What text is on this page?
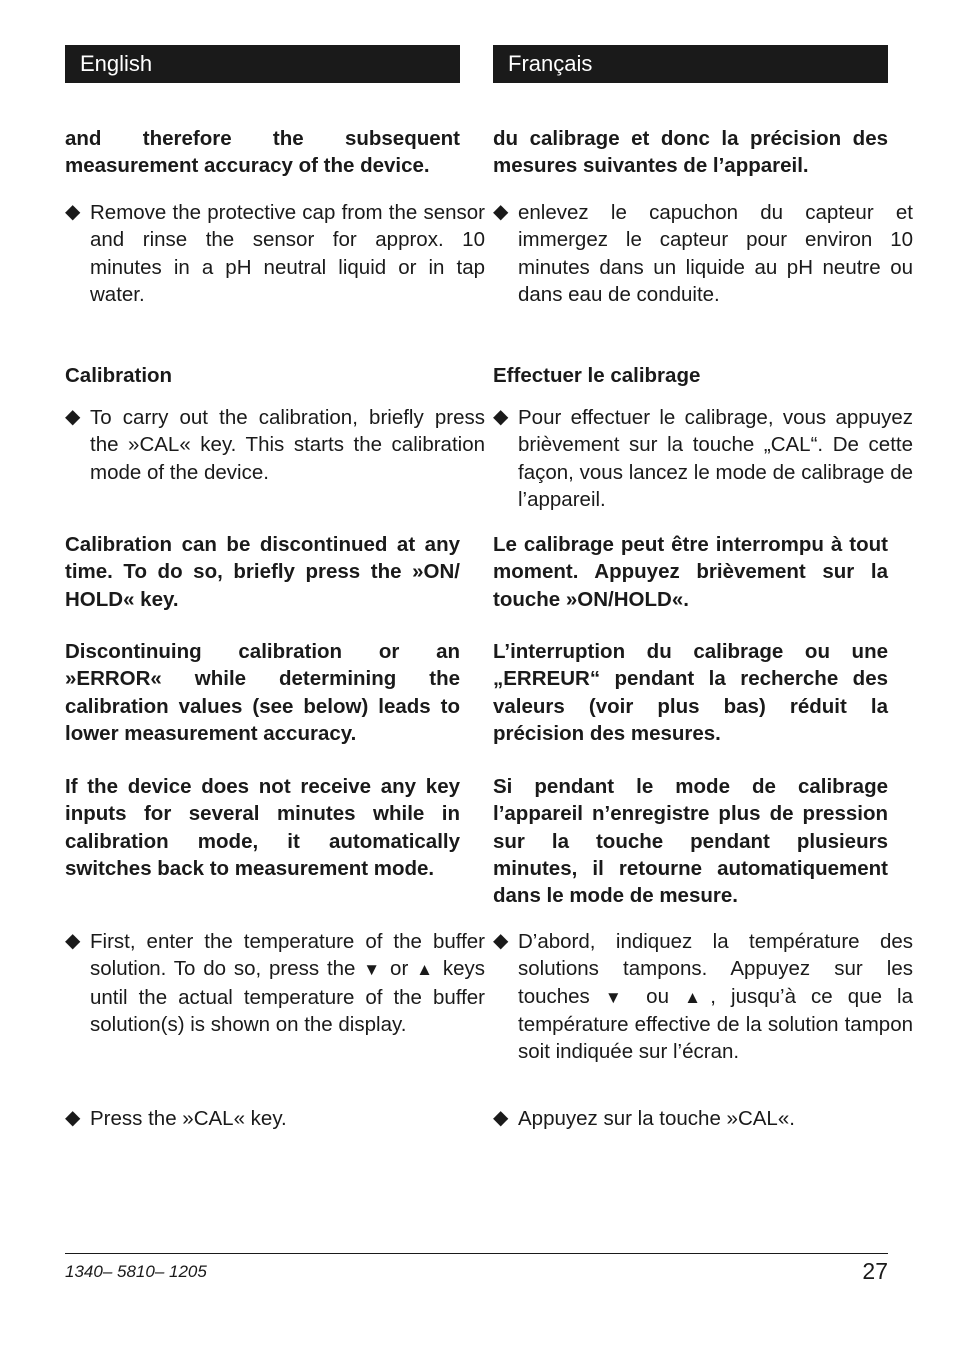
English

and therefore the subsequent measurement accuracy of the device.

◆ Remove the protective cap from the sensor and rinse the sensor for approx. 10 minutes in a pH neutral liquid or in tap water.

Calibration

◆ To carry out the calibration, briefly press the »CAL« key. This starts the calibration mode of the device.

Calibration can be discontinued at any time. To do so, briefly press the »ON/ HOLD« key.

Discontinuing calibration or an »ERROR« while determining the calibration values (see below) leads to lower measurement accuracy.

If the device does not receive any key inputs for several minutes while in calibration mode, it automatically switches back to measurement mode.

◆ First, enter the temperature of the buffer solution. To do so, press the ▼ or ▲ keys until the actual temperature of the buffer solution(s) is shown on the display.
◆ Press the »CAL« key.
Français

du calibrage et donc la précision des mesures suivantes de l’appareil.

◆ enlevez le capuchon du capteur et immergez le capteur pour environ 10 minutes dans un liquide au pH neutre ou dans eau de conduite.

Effectuer le calibrage

◆ Pour effectuer le calibrage, vous appuyez brièvement sur la touche „CAL“. De cette façon, vous lancez le mode de calibrage de l’appareil.

Le calibrage peut être interrompu à tout moment. Appuyez brièvement sur la touche »ON/HOLD«.

L’interruption du calibrage ou une „ERREUR“ pendant la recherche des valeurs (voir plus bas) réduit la précision des mesures.

Si pendant le mode de calibrage l’appareil n’enregistre plus de pression sur la touche pendant plusieurs minutes, il retourne automatiquement dans le mode de mesure.

◆ D’abord, indiquez la température des solutions tampons. Appuyez sur les touches ▼ ou ▲, jusqu’à ce que la température effective de la solution tampon soit indiquée sur l’écran.
◆ Appuyez sur la touche »CAL«.
1340– 5810– 1205	27
